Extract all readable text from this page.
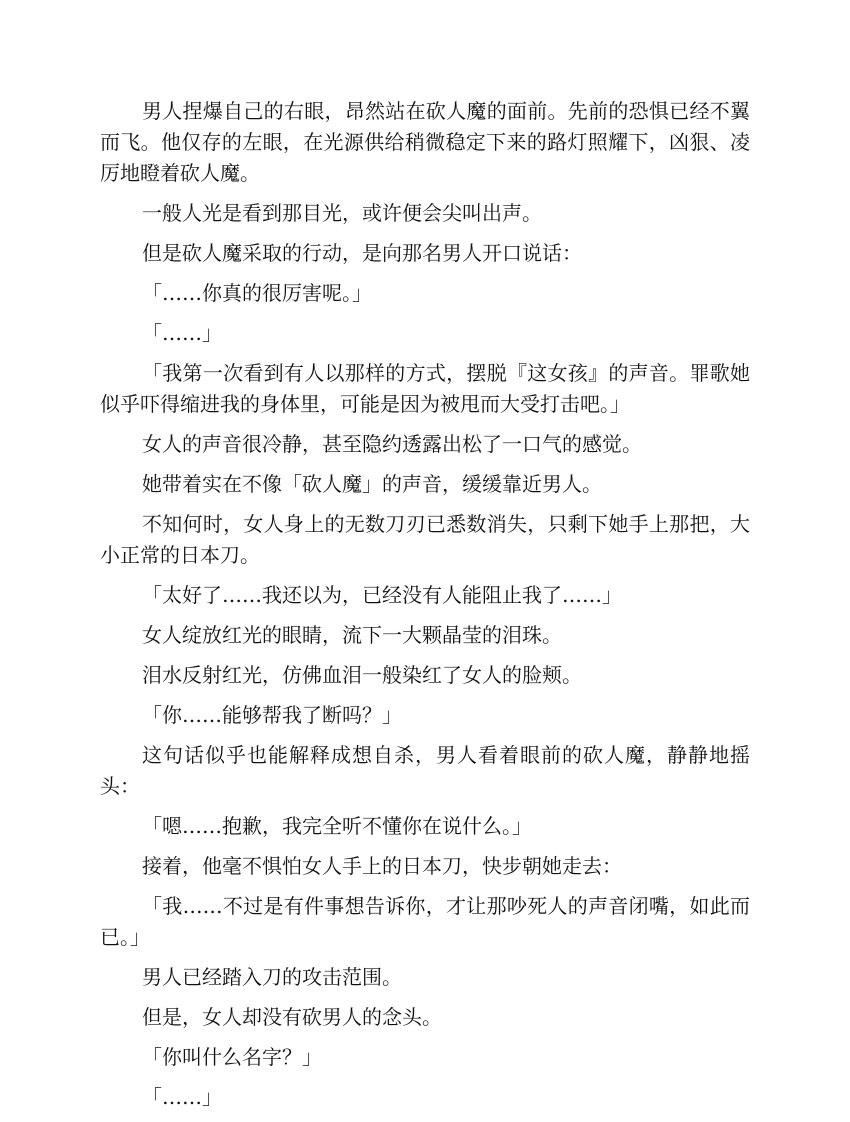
男人捏爆自己的右眼，昂然站在砍人魔的面前。先前的恐惧已经不翼而飞。他仅存的左眼，在光源供给稍微稳定下来的路灯照耀下，凶狠、凌厉地瞪着砍人魔。

一般人光是看到那目光，或许便会尖叫出声。

但是砍人魔采取的行动，是向那名男人开口说话：

「……你真的很厉害呢。」

「……」

「我第一次看到有人以那样的方式，摆脱『这女孩』的声音。罪歌她似乎吓得缩进我的身体里，可能是因为被甩而大受打击吧。」

女人的声音很冷静，甚至隐约透露出松了一口气的感觉。

她带着实在不像「砍人魔」的声音，缓缓靠近男人。

不知何时，女人身上的无数刀刃已悉数消失，只剩下她手上那把，大小正常的日本刀。

「太好了……我还以为，已经没有人能阻止我了……」

女人绽放红光的眼睛，流下一大颗晶莹的泪珠。

泪水反射红光，仿佛血泪一般染红了女人的脸颊。

「你……能够帮我了断吗？」

这句话似乎也能解释成想自杀，男人看着眼前的砍人魔，静静地摇头：

「嗯……抱歉，我完全听不懂你在说什么。」

接着，他毫不惧怕女人手上的日本刀，快步朝她走去：

「我……不过是有件事想告诉你，才让那吵死人的声音闭嘴，如此而已。」

男人已经踏入刀的攻击范围。

但是，女人却没有砍男人的念头。

「你叫什么名字？」

「……」
